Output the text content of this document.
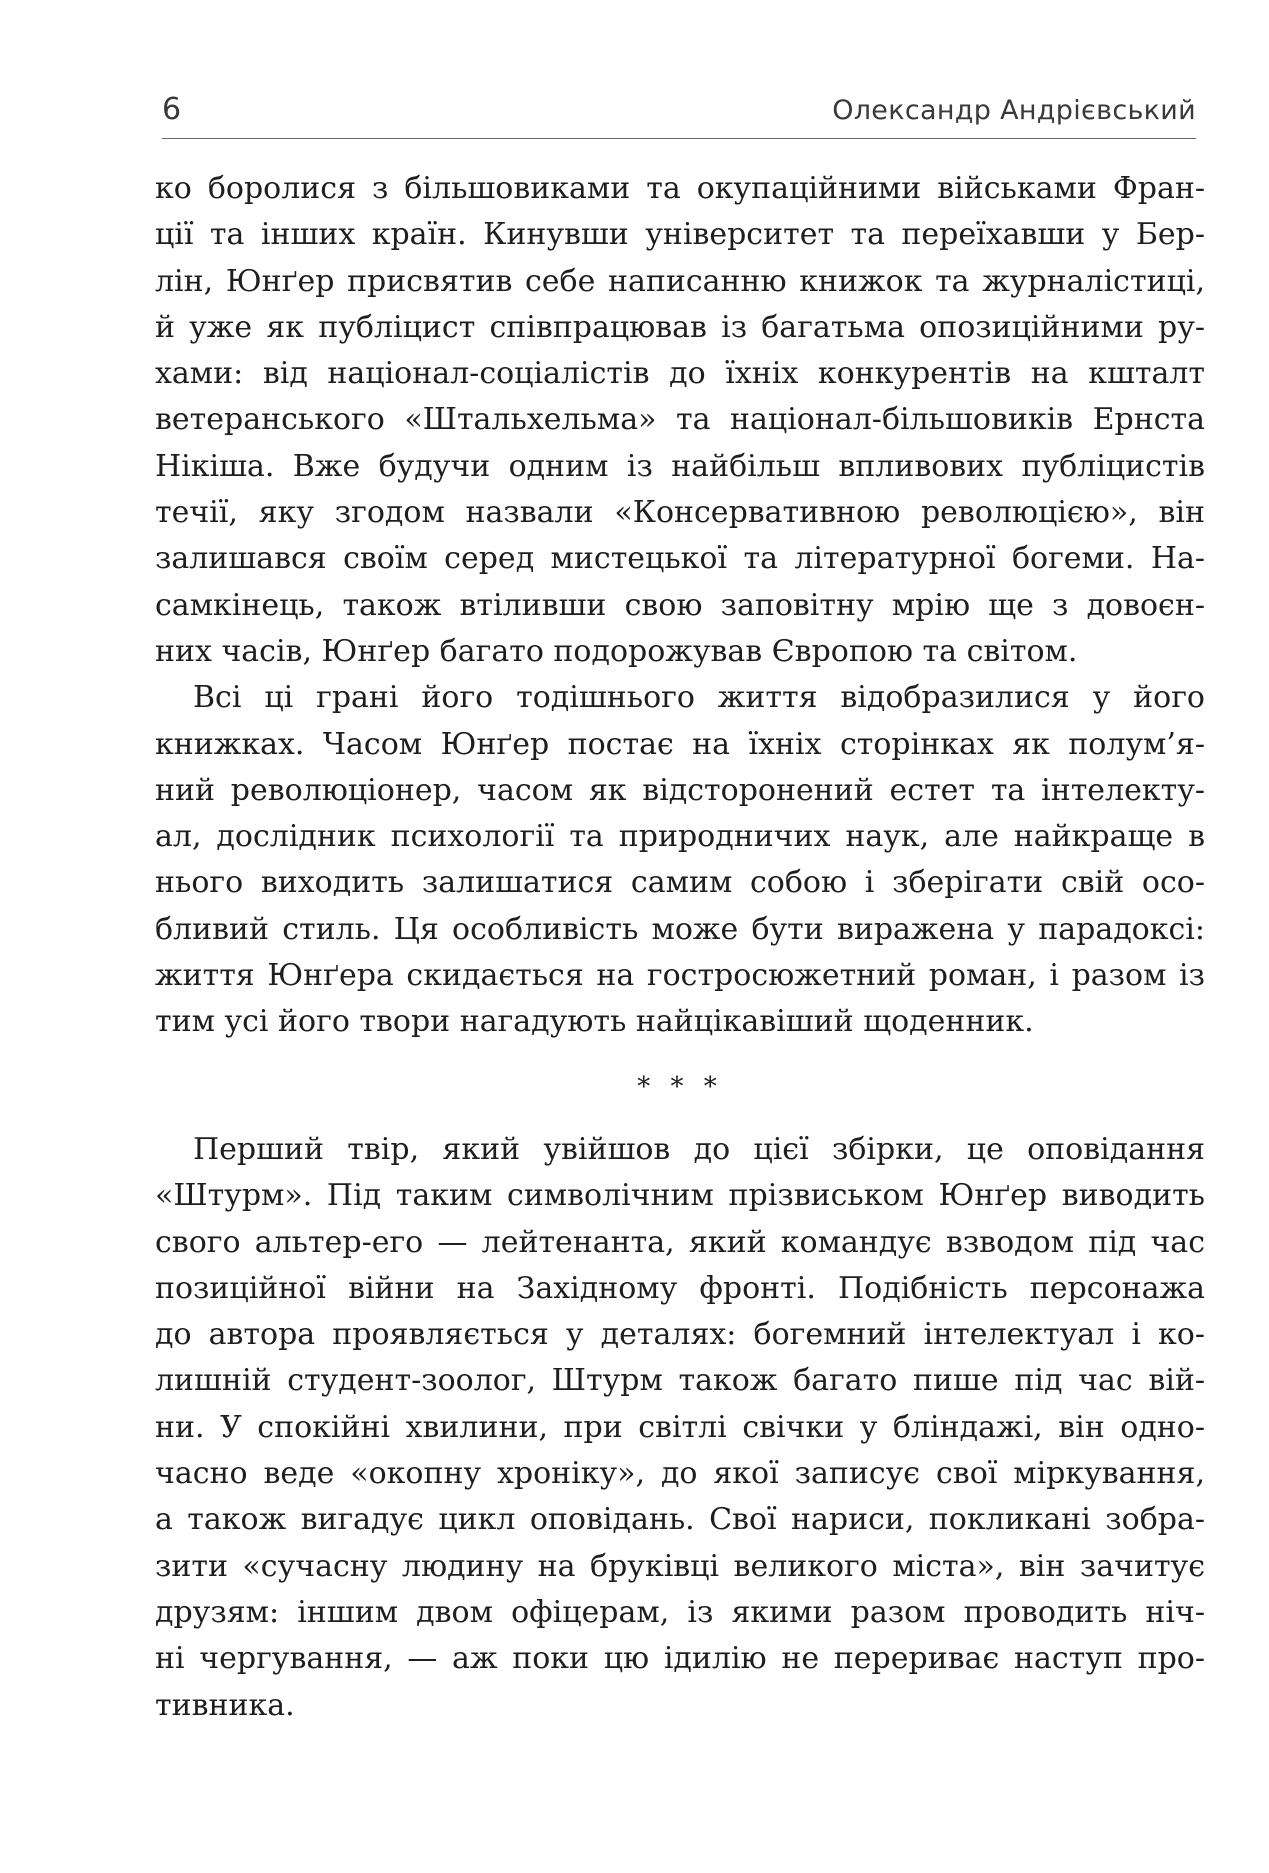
6	Олександр Андрієвський
ко боролися з більшовиками та окупаційними військами Фран-
ції та інших країн. Кинувши університет та переїхавши у Бер-
лін, Юнґер присвятив себе написанню книжок та журналістиці,
й уже як публіцист співпрацював із багатьма опозиційними ру-
хами: від націонал-соціалістів до їхніх конкурентів на кшталт
ветеранського «Штальхельма» та націонал-більшовиків Ернста
Нікіша. Вже будучи одним із найбільш впливових публіцистів
течії, яку згодом назвали «Консервативною революцією», він
залишався своїм серед мистецької та літературної богеми. На-
самкінець, також втіливши свою заповітну мрію ще з довоєн-
них часів, Юнґер багато подорожував Європою та світом.
Всі ці грані його тодішнього життя відобразилися у його
книжках. Часом Юнґер постає на їхніх сторінках як полум’я-
ний революціонер, часом як відсторонений естет та інтелекту-
ал, дослідник психології та природничих наук, але найкраще в
нього виходить залишатися самим собою і зберігати свій осо-
бливий стиль. Ця особливість може бути виражена у парадоксі:
життя Юнґера скидається на гостросюжетний роман, і разом із
тим усі його твори нагадують найцікавіший щоденник.
* * *
Перший твір, який увійшов до цієї збірки, це оповідання
«Штурм». Під таким символічним прізвиськом Юнґер виводить
свого альтер-его — лейтенанта, який командує взводом під час
позиційної війни на Західному фронті. Подібність персонажа
до автора проявляється у деталях: богемний інтелектуал і ко-
лишній студент-зоолог, Штурм також багато пише під час вій-
ни. У спокійні хвилини, при світлі свічки у бліндажі, він одно-
часно веде «окопну хроніку», до якої записує свої міркування,
а також вигадує цикл оповідань. Свої нариси, покликані зобра-
зити «сучасну людину на бруківці великого міста», він зачитує
друзям: іншим двом офіцерам, із якими разом проводить ніч-
ні чергування, — аж поки цю ідилію не перериває наступ про-
тивника.
